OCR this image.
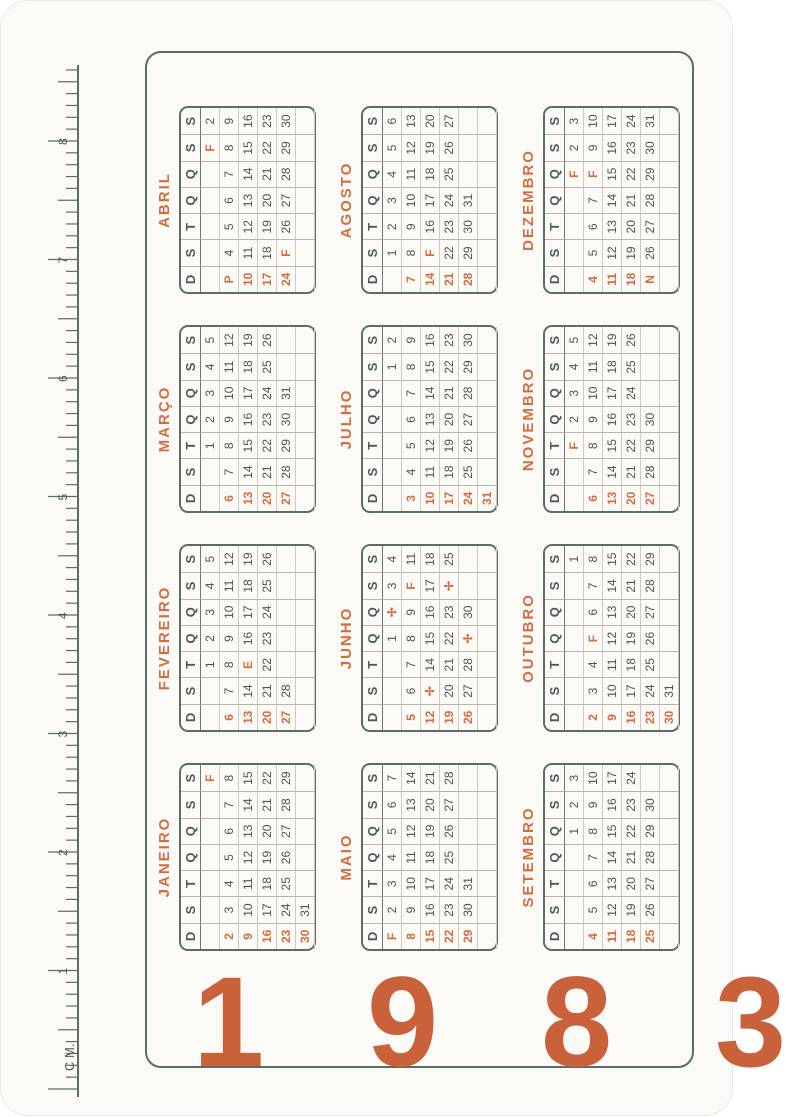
1
2
3
4
5
6
7
8
C M. 1 9 8 3
JANEIRO
D
S
T
Q
Q
S
S F
2
3
4
5
6
7
8
9
10
11
12
13
14
15
16
17
18
19
20
21
22
23
24
25
26
27
28
29
30
31
FEVEREIRO
D
S
T
Q
Q
S
S
1
2
3
4
5
6
7
8
9
10
11
12
13
14
E
16
17
18
19
20
21
22
23
24
25
26
27
28
MARÇO
D
S
T
Q
Q
S
S
1
2
3
4
5
6
7
8
9
10
11
12
13
14
15
16
17
18
19
20
21
22
23
24
25
26
27
28
29
30
31
ABRIL
D
S
T
Q
Q
S
S
F
2
P
4
5
6
7
8
9
10
11
12
13
14
15
16
17
18
19
20
21
22
23
24
F
26
27
28
29
30
MAIO
D
S
T
Q
Q
S
S
F
2
3
4
5
6
7
8
9
10
11
12
13
14
15
16
17
18
19
20
21
22
23
24
25
26
27
28
29
30
31
JUNHO
D
S
T
Q
Q
S
S
1
✢
3
4
5
6
7
8
9
F
11
12
✢
14
15
16
17
18
19
20
21
22
23
✢
25
26
27
28
✢
30
JULHO
D
S
T
Q
Q
S
S
1
2
3
4
5
6
7
8
9
10
11
12
13
14
15
16
17
18
19
20
21
22
23
24
25
26
27
28
29
30
31
AGOSTO
D
S
T
Q
Q
S
S
1
2
3
4
5
6
7
8
9
10
11
12
13
14
F
16
17
18
19
20
21
22
23
24
25
26
27
28
29
30
31
SETEMBRO
D
S
T
Q
Q
S
S
1
2
3
4
5
6
7
8
9
10
11
12
13
14
15
16
17
18
19
20
21
22
23
24
25
26
27
28
29
30
OUTUBRO
D
S
T
Q
Q
S
S 1
2
3
4
F
6
7
8
9
10
11
12
13
14
15
16
17
18
19
20
21
22
23
24
25
26
27
28
29
30
31
NOVEMBRO
D
S
T
Q
Q
S
S
F
2
3
4
5
6
7
8
9
10
11
12
13
14
15
16
17
18
19
20
21
22
23
24
25
26
27
28
29
30
DEZEMBRO
D
S
T
Q
Q
S
S
F
2
3
4
5
6
7
F
9
10
11
12
13
14
15
16
17
18
19
20
21
22
23
24
N
26
27
28
29
30
31
